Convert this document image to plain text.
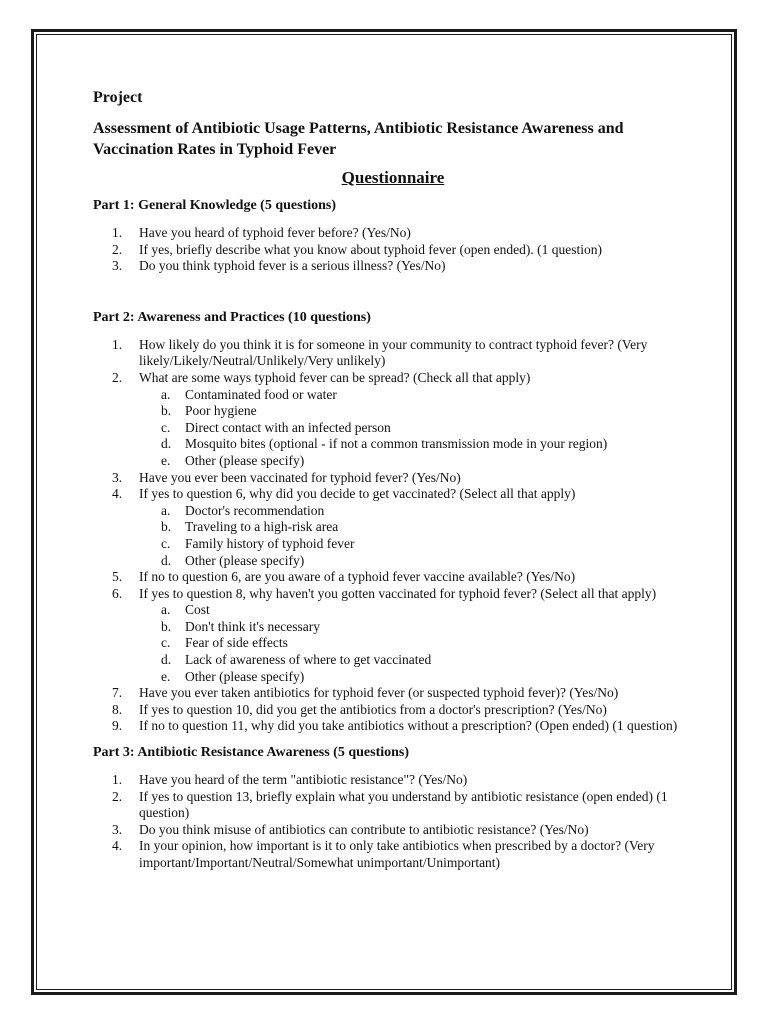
Project
Assessment of Antibiotic Usage Patterns, Antibiotic Resistance Awareness and Vaccination Rates in Typhoid Fever
Questionnaire
Part 1: General Knowledge (5 questions)
1. Have you heard of typhoid fever before? (Yes/No)
2. If yes, briefly describe what you know about typhoid fever (open ended). (1 question)
3. Do you think typhoid fever is a serious illness? (Yes/No)
Part 2: Awareness and Practices (10 questions)
1. How likely do you think it is for someone in your community to contract typhoid fever? (Very likely/Likely/Neutral/Unlikely/Very unlikely)
2. What are some ways typhoid fever can be spread? (Check all that apply)
a. Contaminated food or water
b. Poor hygiene
c. Direct contact with an infected person
d. Mosquito bites (optional - if not a common transmission mode in your region)
e. Other (please specify)
3. Have you ever been vaccinated for typhoid fever? (Yes/No)
4. If yes to question 6, why did you decide to get vaccinated? (Select all that apply)
a. Doctor's recommendation
b. Traveling to a high-risk area
c. Family history of typhoid fever
d. Other (please specify)
5. If no to question 6, are you aware of a typhoid fever vaccine available? (Yes/No)
6. If yes to question 8, why haven't you gotten vaccinated for typhoid fever? (Select all that apply)
a. Cost
b. Don't think it's necessary
c. Fear of side effects
d. Lack of awareness of where to get vaccinated
e. Other (please specify)
7. Have you ever taken antibiotics for typhoid fever (or suspected typhoid fever)? (Yes/No)
8. If yes to question 10, did you get the antibiotics from a doctor's prescription? (Yes/No)
9. If no to question 11, why did you take antibiotics without a prescription? (Open ended) (1 question)
Part 3: Antibiotic Resistance Awareness (5 questions)
1. Have you heard of the term "antibiotic resistance"? (Yes/No)
2. If yes to question 13, briefly explain what you understand by antibiotic resistance (open ended) (1 question)
3. Do you think misuse of antibiotics can contribute to antibiotic resistance? (Yes/No)
4. In your opinion, how important is it to only take antibiotics when prescribed by a doctor? (Very important/Important/Neutral/Somewhat unimportant/Unimportant)
